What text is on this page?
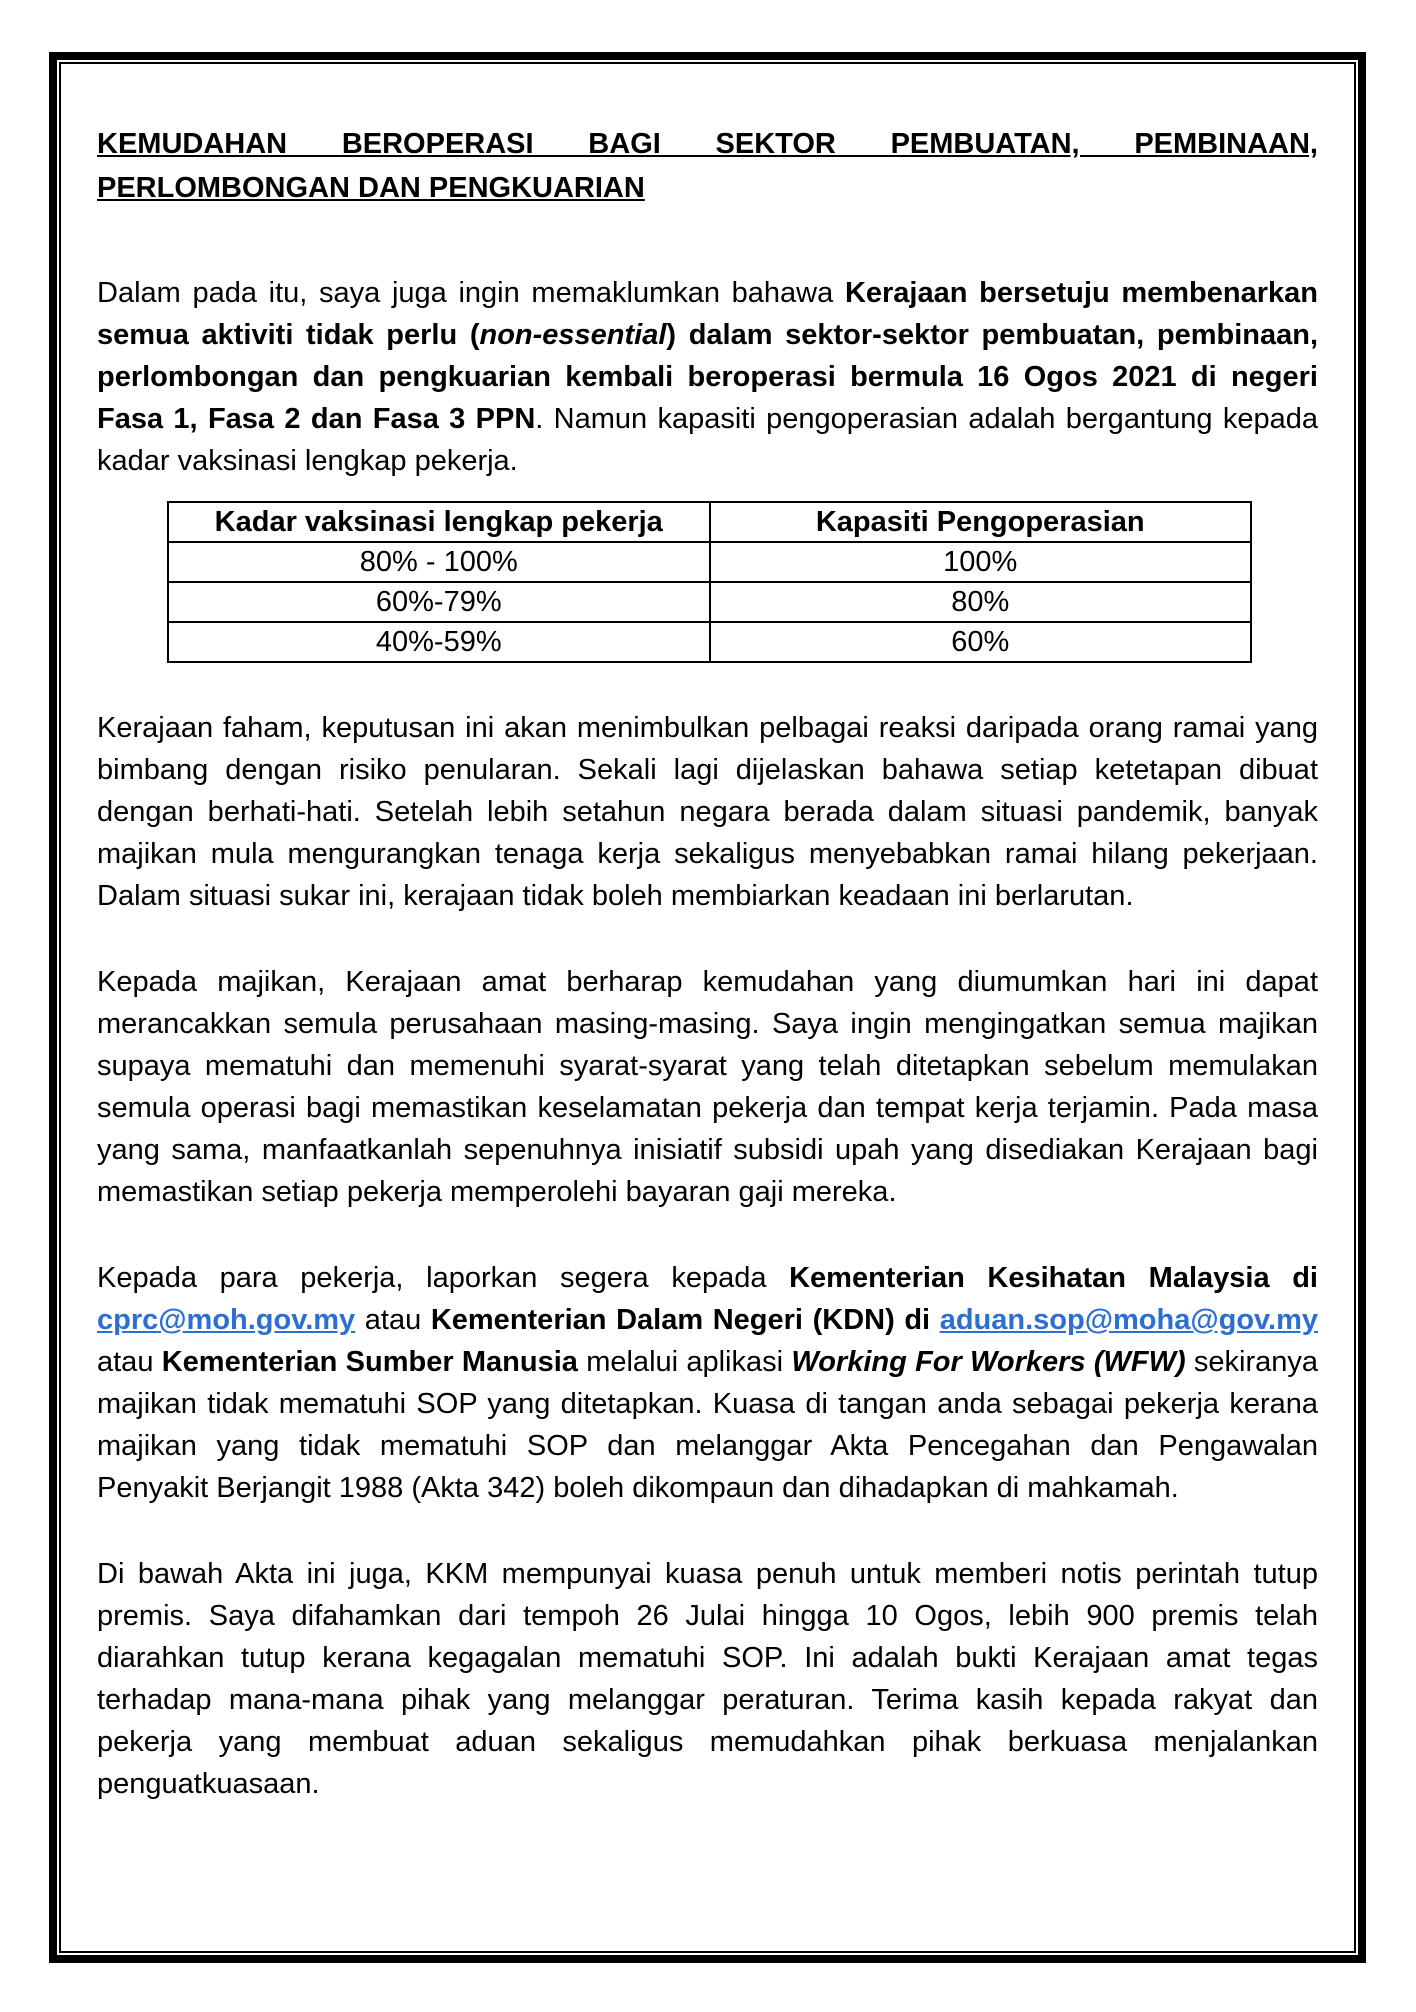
KEMUDAHAN BEROPERASI BAGI SEKTOR PEMBUATAN, PEMBINAAN,
PERLOMBONGAN DAN PENGKUARIAN

Dalam pada itu, saya juga ingin memaklumkan bahawa Kerajaan bersetuju membenarkan semua aktiviti tidak perlu (non-essential) dalam sektor-sektor pembuatan, pembinaan, perlombongan dan pengkuarian kembali beroperasi bermula 16 Ogos 2021 di negeri Fasa 1, Fasa 2 dan Fasa 3 PPN. Namun kapasiti pengoperasian adalah bergantung kepada kadar vaksinasi lengkap pekerja.

Kadar vaksinasi lengkap pekerja	Kapasiti Pengoperasian
80% - 100%	100%
60%-79%	80%
40%-59%	60%

Kerajaan faham, keputusan ini akan menimbulkan pelbagai reaksi daripada orang ramai yang bimbang dengan risiko penularan. Sekali lagi dijelaskan bahawa setiap ketetapan dibuat dengan berhati-hati. Setelah lebih setahun negara berada dalam situasi pandemik, banyak majikan mula mengurangkan tenaga kerja sekaligus menyebabkan ramai hilang pekerjaan. Dalam situasi sukar ini, kerajaan tidak boleh membiarkan keadaan ini berlarutan.

Kepada majikan, Kerajaan amat berharap kemudahan yang diumumkan hari ini dapat merancakkan semula perusahaan masing-masing. Saya ingin mengingatkan semua majikan supaya mematuhi dan memenuhi syarat-syarat yang telah ditetapkan sebelum memulakan semula operasi bagi memastikan keselamatan pekerja dan tempat kerja terjamin. Pada masa yang sama, manfaatkanlah sepenuhnya inisiatif subsidi upah yang disediakan Kerajaan bagi memastikan setiap pekerja memperolehi bayaran gaji mereka.

Kepada para pekerja, laporkan segera kepada Kementerian Kesihatan Malaysia di cprc@moh.gov.my atau Kementerian Dalam Negeri (KDN) di aduan.sop@moha@gov.my atau Kementerian Sumber Manusia melalui aplikasi Working For Workers (WFW) sekiranya majikan tidak mematuhi SOP yang ditetapkan. Kuasa di tangan anda sebagai pekerja kerana majikan yang tidak mematuhi SOP dan melanggar Akta Pencegahan dan Pengawalan Penyakit Berjangit 1988 (Akta 342) boleh dikompaun dan dihadapkan di mahkamah.

Di bawah Akta ini juga, KKM mempunyai kuasa penuh untuk memberi notis perintah tutup premis. Saya difahamkan dari tempoh 26 Julai hingga 10 Ogos, lebih 900 premis telah diarahkan tutup kerana kegagalan mematuhi SOP. Ini adalah bukti Kerajaan amat tegas terhadap mana-mana pihak yang melanggar peraturan. Terima kasih kepada rakyat dan pekerja yang membuat aduan sekaligus memudahkan pihak berkuasa menjalankan penguatkuasaan.
